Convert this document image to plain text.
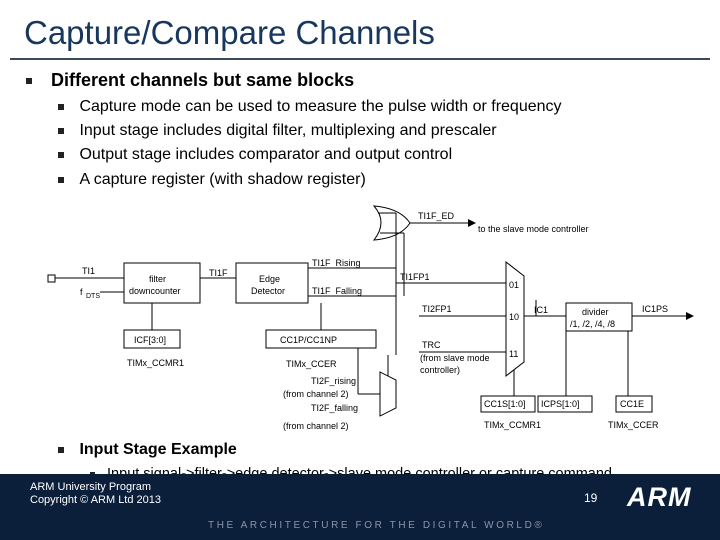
Capture/Compare Channels
Different channels but same blocks
Capture mode can be used to measure the pulse width or frequency
Input stage includes digital filter, multiplexing and prescaler
Output stage includes comparator and output control
A capture register (with shadow register)
TI1
f DTS
filter
downcounter
TI1F
Edge
Detector
TI1F_ED
to the slave mode controller
TI1F_Rising
TI1F_Falling
TI1FP1
TI2FP1
TRC
(from slave mode
controller)
01
10
11
IC1	divider
/1, /2, /4, /8
IC1PS
ICF[3:0]
TIMx_CCMR1
CC1P/CC1NP
TIMx_CCER
TI2F_rising
(from channel 2)
TI2F_falling
(from channel 2)
CC1S[1:0] ICPS[1:0]	CC1E
TIMx_CCMR1	TIMx_CCER
Input Stage Example
ARM University Program
Copyright © ARM Ltd 2013
THE ARCHITECTURE FOR THE DIGITAL WORLD®
19 ARM
